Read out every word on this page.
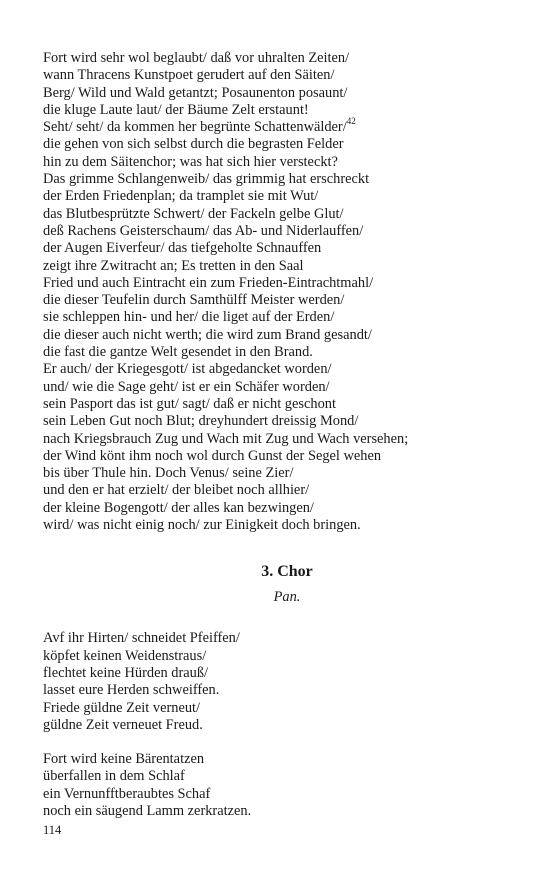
Fort wird sehr wol beglaubt/ daß vor uhralten Zeiten/
wann Thracens Kunstpoet gerudert auf den Säiten/
Berg/ Wild und Wald getantzt; Posaunenton posaunt/
die kluge Laute laut/ der Bäume Zelt erstaunt!
Seht/ seht/ da kommen her begrünte Schattenwälder/$^{42}$
die gehen von sich selbst durch die begrasten Felder
hin zu dem Säitenchor; was hat sich hier versteckt?
Das grimme Schlangenweib/ das grimmig hat erschreckt
der Erden Friedenplan; da tramplet sie mit Wut/
das Blutbesprützte Schwert/ der Fackeln gelbe Glut/
deß Rachens Geisterschaum/ das Ab- und Niderlauffen/
der Augen Eiverfeur/ das tiefgeholte Schnauffen
zeigt ihre Zwitracht an; Es tretten in den Saal
Fried und auch Eintracht ein zum Frieden-Eintrachtmahl/
die dieser Teufelin durch Samthülff Meister werden/
sie schleppen hin- und her/ die liget auf der Erden/
die dieser auch nicht werth; die wird zum Brand gesandt/
die fast die gantze Welt gesendet in den Brand.
Er auch/ der Kriegesgott/ ist abgedancket worden/
und/ wie die Sage geht/ ist er ein Schäfer worden/
sein Pasport das ist gut/ sagt/ daß er nicht geschont
sein Leben Gut noch Blut; dreyhundert dreissig Mond/
nach Kriegsbrauch Zug und Wach mit Zug und Wach versehen;
der Wind könt ihm noch wol durch Gunst der Segel wehen
bis über Thule hin. Doch Venus/ seine Zier/
und den er hat erzielt/ der bleibet noch allhier/
der kleine Bogengott/ der alles kan bezwingen/
wird/ was nicht einig noch/ zur Einigkeit doch bringen.
3. Chor
Pan.
Avf ihr Hirten/ schneidet Pfeiffen/
köpfet keinen Weidenstraus/
flechtet keine Hürden drauß/
lasset eure Herden schweiffen.
Friede güldne Zeit verneut/
güldne Zeit verneuet Freud.
Fort wird keine Bärentatzen
überfallen in dem Schlaf
ein Vernunfftberaubtes Schaf
noch ein säugend Lamm zerkratzen.
114
